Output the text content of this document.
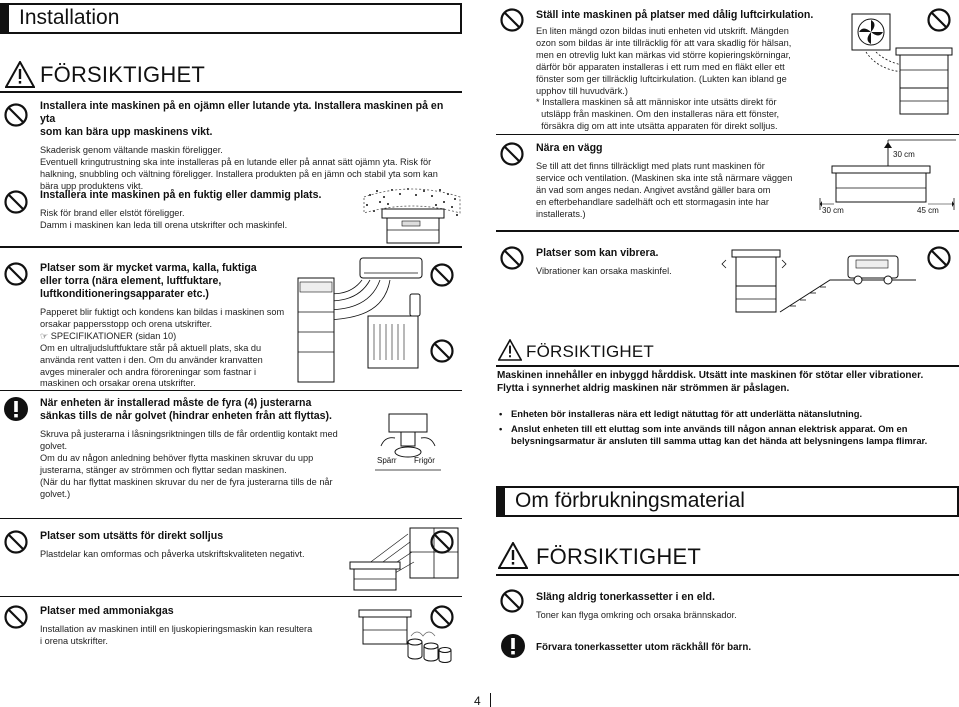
Installation
FÖRSIKTIGHET
Installera inte maskinen på en ojämn eller lutande yta. Installera maskinen på en yta
som kan bära upp maskinens vikt.
Skaderisk genom vältande maskin föreligger.
Eventuell kringutrustning ska inte installeras på en lutande eller på annat sätt ojämn yta. Risk för
halkning, snubbling och vältning föreligger. Installera produkten på en jämn och stabil yta som kan
bära upp produktens vikt.
Installera inte maskinen på en fuktig eller dammig plats.
Risk för brand eller elstöt föreligger.
Damm i maskinen kan leda till orena utskrifter och maskinfel.
Platser som är mycket varma, kalla, fuktiga
eller torra (nära element, luftfuktare,
luftkonditioneringsapparater etc.)
Papperet blir fuktigt och kondens kan bildas i maskinen som
orsakar pappersstopp och orena utskrifter.
☞ SPECIFIKATIONER (sidan 10)
Om en ultraljudsluftfuktare står på aktuell plats, ska du
använda rent vatten i den. Om du använder kranvatten
avges mineraler och andra föroreningar som fastnar i
maskinen och orsakar orena utskrifter.
När enheten är installerad måste de fyra (4) justerarna
sänkas tills de når golvet (hindrar enheten från att flyttas).
Skruva på justerarna i låsningsriktningen tills de får ordentlig kontakt med
golvet.
Om du av någon anledning behöver flytta maskinen skruvar du upp
justerarna, stänger av strömmen och flyttar sedan maskinen.
(När du har flyttat maskinen skruvar du ner de fyra justerarna tills de når
golvet.)
Spärr Frigör
Platser som utsätts för direkt solljus
Plastdelar kan omformas och påverka utskriftskvaliteten negativt.
Platser med ammoniakgas
Installation av maskinen intill en ljuskopieringsmaskin kan resultera
i orena utskrifter.
Ställ inte maskinen på platser med dålig luftcirkulation.
En liten mängd ozon bildas inuti enheten vid utskrift. Mängden
ozon som bildas är inte tillräcklig för att vara skadlig för hälsan,
men en otrevlig lukt kan märkas vid större kopieringskörningar,
därför bör apparaten installeras i ett rum med en fläkt eller ett
fönster som ger tillräcklig luftcirkulation. (Lukten kan ibland ge
upphov till huvudvärk.)
* Installera maskinen så att människor inte utsätts direkt för
utsläpp från maskinen. Om den installeras nära ett fönster,
försäkra dig om att inte utsätta apparaten för direkt solljus.
Nära en vägg
Se till att det finns tillräckligt med plats runt maskinen för
service och ventilation. (Maskinen ska inte stå närmare väggen
än vad som anges nedan. Angivet avstånd gäller bara om
en efterbehandlare sadelhäft och ett stormagasin inte har
installerats.)
30 cm
30 cm	45 cm
Platser som kan vibrera.
Vibrationer kan orsaka maskinfel.
FÖRSIKTIGHET
Maskinen innehåller en inbyggd hårddisk. Utsätt inte maskinen för stötar eller vibrationer.
Flytta i synnerhet aldrig maskinen när strömmen är påslagen.
• Enheten bör installeras nära ett ledigt nätuttag för att underlätta nätanslutning.
• Anslut enheten till ett eluttag som inte används till någon annan elektrisk apparat. Om en
belysningsarmatur är ansluten till samma uttag kan det hända att belysningens lampa flimrar.
Om förbrukningsmaterial
FÖRSIKTIGHET
Släng aldrig tonerkassetter i en eld.
Toner kan flyga omkring och orsaka brännskador.
Förvara tonerkassetter utom räckhåll för barn.
4
